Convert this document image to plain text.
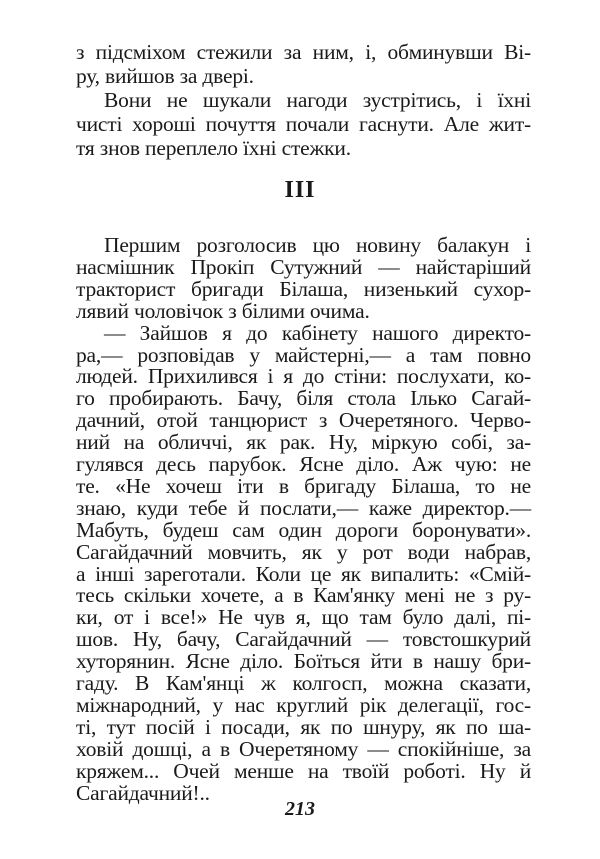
з підсміхом стежили за ним, і, обминувши Ві-
ру, вийшов за двері.
Вони не шукали нагоди зустрітись, і їхні
чисті хороші почуття почали гаснути. Але жит-
тя знов переплело їхні стежки.
III
Першим розголосив цю новину балакун і
насмішник Прокіп Сутужний — найстаріший
тракторист бригади Білаша, низенький сухор-
лявий чоловічок з білими очима.
— Зайшов я до кабінету нашого директо-
ра,— розповідав у майстерні,— а там повно
людей. Прихилився і я до стіни: послухати, ко-
го пробирають. Бачу, біля стола Ілько Сагай-
дачний, отой танцюрист з Очеретяного. Черво-
ний на обличчі, як рак. Ну, міркую собі, за-
гулявся десь парубок. Ясне діло. Аж чую: не
те. «Не хочеш іти в бригаду Білаша, то не
знаю, куди тебе й послати,— каже директор.—
Мабуть, будеш сам один дороги боронувати».
Сагайдачний мовчить, як у рот води набрав,
а інші зареготали. Коли це як випалить: «Смій-
тесь скільки хочете, а в Кам'янку мені не з ру-
ки, от і все!» Не чув я, що там було далі, пі-
шов. Ну, бачу, Сагайдачний — товстошкурий
хуторянин. Ясне діло. Боїться йти в нашу бри-
гаду. В Кам'янці ж колгосп, можна сказати,
міжнародний, у нас круглий рік делегації, гос-
ті, тут посій і посади, як по шнуру, як по ша-
ховій дошці, а в Очеретяному — спокійніше, за
кряжем... Очей менше на твоїй роботі. Ну й
Сагайдачний!..
213
